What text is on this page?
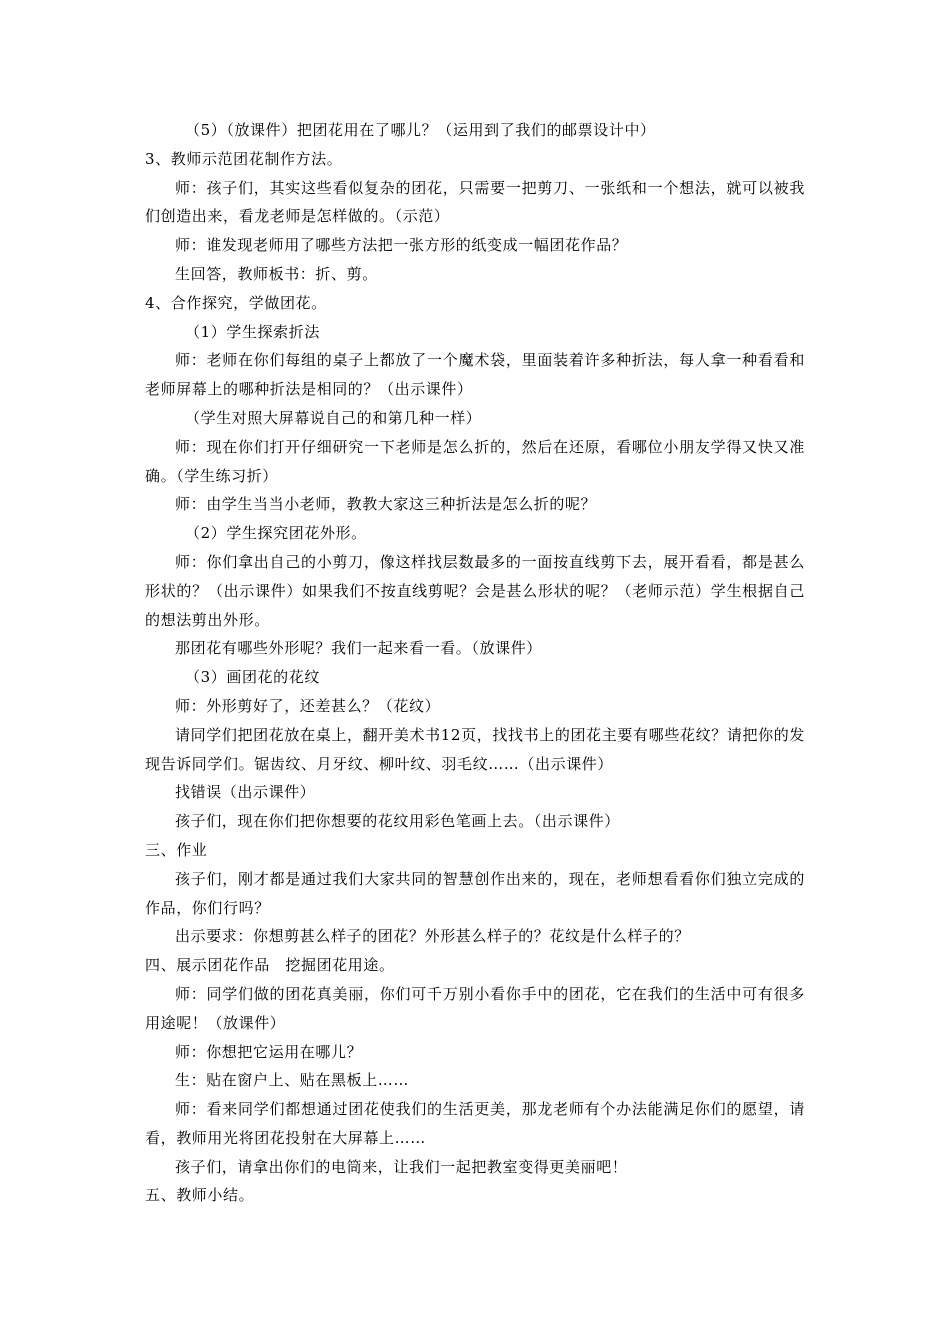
（5）（放课件）把团花用在了哪儿？（运用到了我们的邮票设计中）

3、教师示范团花制作方法。

师：孩子们，其实这些看似复杂的团花，只需要一把剪刀、一张纸和一个想法，就可以被我们创造出来，看龙老师是怎样做的。（示范）

师：谁发现老师用了哪些方法把一张方形的纸变成一幅团花作品？

生回答，教师板书：折、剪。

4、合作探究，学做团花。

（1）学生探索折法

师：老师在你们每组的桌子上都放了一个魔术袋，里面装着许多种折法，每人拿一种看看和老师屏幕上的哪种折法是相同的？（出示课件）

（学生对照大屏幕说自己的和第几种一样）

师：现在你们打开仔细研究一下老师是怎么折的，然后在还原，看哪位小朋友学得又快又准确。（学生练习折）

师：由学生当当小老师，教教大家这三种折法是怎么折的呢？

（2）学生探究团花外形。

师：你们拿出自己的小剪刀，像这样找层数最多的一面按直线剪下去，展开看看，都是甚么形状的？（出示课件）如果我们不按直线剪呢？会是甚么形状的呢？（老师示范）学生根据自己的想法剪出外形。

那团花有哪些外形呢？我们一起来看一看。（放课件）

（3）画团花的花纹

师：外形剪好了，还差甚么？（花纹）

请同学们把团花放在桌上，翻开美术书12页，找找书上的团花主要有哪些花纹？请把你的发现告诉同学们。锯齿纹、月牙纹、柳叶纹、羽毛纹……（出示课件）

找错误（出示课件）

孩子们，现在你们把你想要的花纹用彩色笔画上去。（出示课件）

三、作业

孩子们，刚才都是通过我们大家共同的智慧创作出来的，现在，老师想看看你们独立完成的作品，你们行吗？

出示要求：你想剪甚么样子的团花？外形甚么样子的？花纹是什么样子的？

四、展示团花作品　挖掘团花用途。

师：同学们做的团花真美丽，你们可千万别小看你手中的团花，它在我们的生活中可有很多用途呢！（放课件）

师：你想把它运用在哪儿？

生：贴在窗户上、贴在黑板上……

师：看来同学们都想通过团花使我们的生活更美，那龙老师有个办法能满足你们的愿望，请看，教师用光将团花投射在大屏幕上……

孩子们，请拿出你们的电筒来，让我们一起把教室变得更美丽吧！

五、教师小结。
